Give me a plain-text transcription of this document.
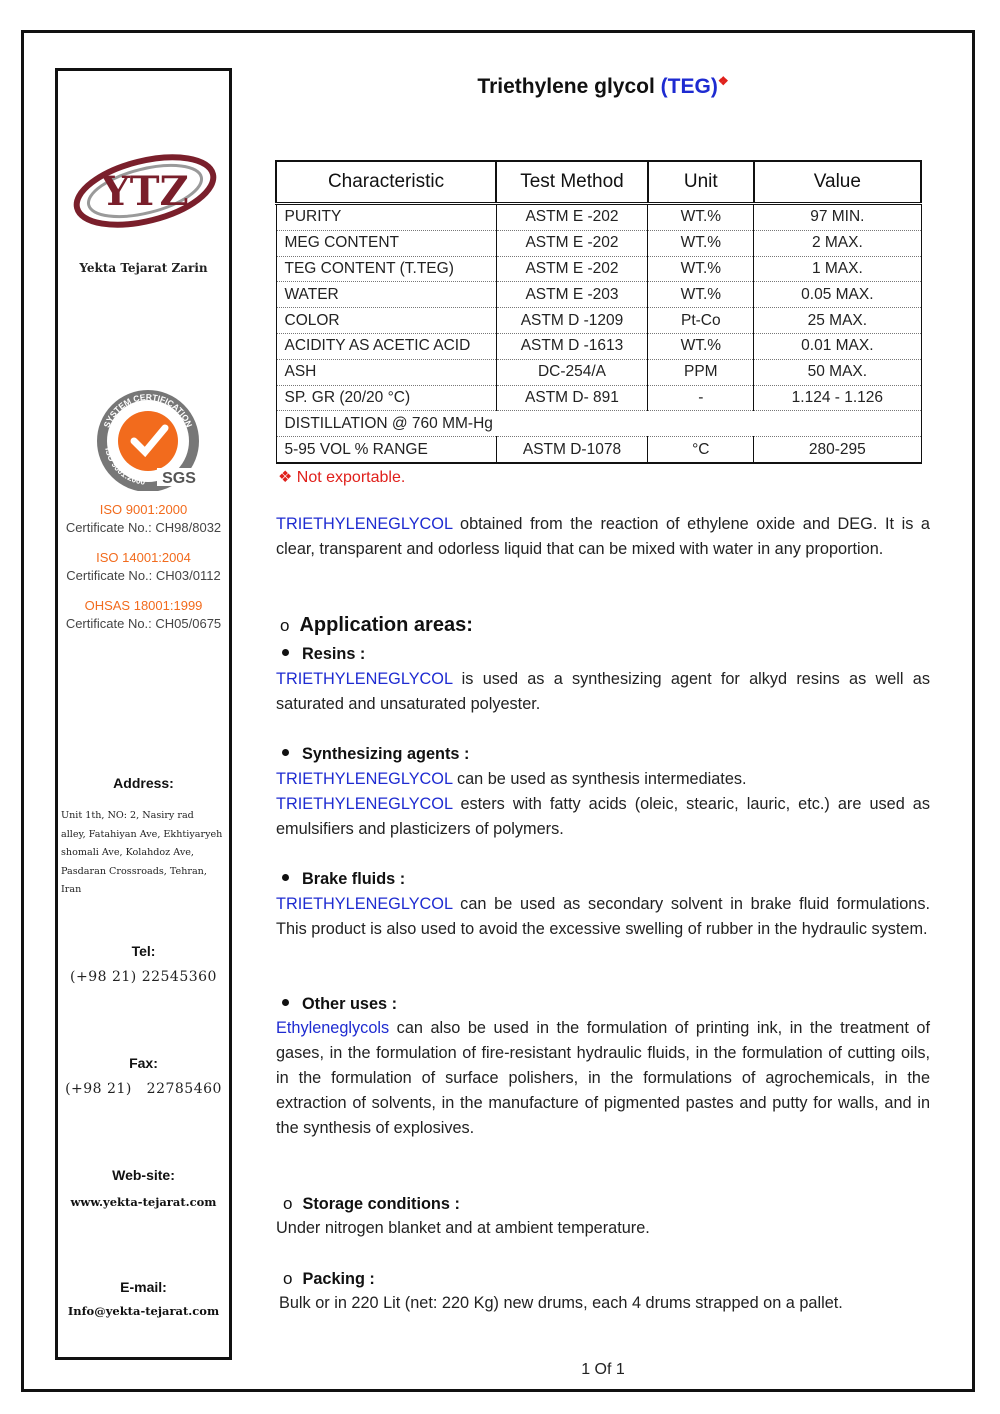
YTZ
Yekta Tejarat Zarin
SYSTEM CERTIFICATION
ISO 9001:2000 SGS
ISO 9001:2000
Certificate No.: CH98/8032
ISO 14001:2004
Certificate No.: CH03/0112
OHSAS 18001:1999
Certificate No.: CH05/0675
Address:
Unit 1th, NO: 2, Nasiry rad
alley, Fatahiyan Ave, Ekhtiyaryeh
shomali Ave, Kolahdoz Ave,
Pasdaran Crossroads, Tehran, Iran
Tel:
(+98 21) 22545360
Fax:
(+98 21)   22785460
Web-site:
www.yekta-tejarat.com
E-mail:
Info@yekta-tejarat.com
Triethylene glycol (TEG)❖
Characteristic	Test Method	Unit	Value
PURITY	ASTM E -202	WT.%	97 MIN.
MEG CONTENT	ASTM E -202	WT.%	2 MAX.
TEG CONTENT (T.TEG)	ASTM E -202	WT.%	1 MAX.
WATER	ASTM E -203	WT.%	0.05 MAX.
COLOR	ASTM D -1209	Pt-Co	25 MAX.
ACIDITY AS ACETIC ACID	ASTM D -1613	WT.%	0.01 MAX.
ASH	DC-254/A	PPM	50 MAX.
SP. GR (20/20 °C)	ASTM D- 891	-	1.124 - 1.126
DISTILLATION @ 760 MM-Hg			
5-95 VOL % RANGE	ASTM D-1078	°C	280-295
❖ Not exportable.

TRIETHYLENEGLYCOL obtained from the reaction of ethylene oxide and DEG. It is a clear, transparent and odorless liquid that can be mixed with water in any proportion.

o Application areas:
Resins :

TRIETHYLENEGLYCOL is used as a synthesizing agent for alkyd resins as well as saturated and unsaturated polyester.

Synthesizing agents :

TRIETHYLENEGLYCOL can be used as synthesis intermediates.

TRIETHYLENEGLYCOL esters with fatty acids (oleic, stearic, lauric, etc.) are used as emulsifiers and plasticizers of polymers.

Brake fluids :

TRIETHYLENEGLYCOL can be used as secondary solvent in brake fluid formulations. This product is also used to avoid the excessive swelling of rubber in the hydraulic system.

Other uses :

Ethyleneglycols can also be used in the formulation of printing ink, in the treatment of gases, in the formulation of fire-resistant hydraulic fluids, in the formulation of cutting oils, in the formulation of surface polishers, in the formulations of agrochemicals, in the extraction of solvents, in the manufacture of pigmented pastes and putty for walls, and in the synthesis of explosives.

o Storage conditions :

Under nitrogen blanket and at ambient temperature.

o Packing :

Bulk or in 220 Lit (net: 220 Kg) new drums, each 4 drums strapped on a pallet.

1 Of 1
